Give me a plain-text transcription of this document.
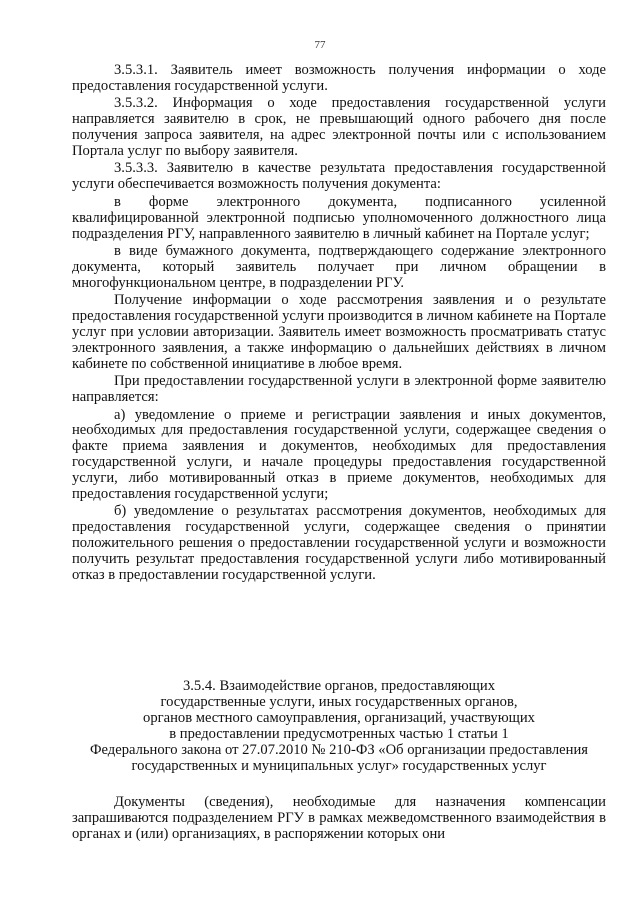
77

3.5.3.1. Заявитель имеет возможность получения информации о ходе предоставления государственной услуги.

3.5.3.2. Информация о ходе предоставления государственной услуги направляется заявителю в срок, не превышающий одного рабочего дня после получения запроса заявителя, на адрес электронной почты или с использованием Портала услуг по выбору заявителя.

3.5.3.3. Заявителю в качестве результата предоставления государственной услуги обеспечивается возможность получения документа:

в форме электронного документа, подписанного усиленной квалифицированной электронной подписью уполномоченного должностного лица подразделения РГУ, направленного заявителю в личный кабинет на Портале услуг;

в виде бумажного документа, подтверждающего содержание электронного документа, который заявитель получает при личном обращении в многофункциональном центре, в подразделении РГУ.

Получение информации о ходе рассмотрения заявления и о результате предоставления государственной услуги производится в личном кабинете на Портале услуг при условии авторизации. Заявитель имеет возможность просматривать статус электронного заявления, а также информацию о дальнейших действиях в личном кабинете по собственной инициативе в любое время.

При предоставлении государственной услуги в электронной форме заявителю направляется:

а) уведомление о приеме и регистрации заявления и иных документов, необходимых для предоставления государственной услуги, содержащее сведения о факте приема заявления и документов, необходимых для предоставления государственной услуги, и начале процедуры предоставления государственной услуги, либо мотивированный отказ в приеме документов, необходимых для предоставления государственной услуги;

б) уведомление о результатах рассмотрения документов, необходимых для предоставления государственной услуги, содержащее сведения о принятии положительного решения о предоставлении государственной услуги и возможности получить результат предоставления государственной услуги либо мотивированный отказ в предоставлении государственной услуги.

3.5.4. Взаимодействие органов, предоставляющих
государственные услуги, иных государственных органов,
органов местного самоуправления, организаций, участвующих
в предоставлении предусмотренных частью 1 статьи 1
Федерального закона от 27.07.2010 № 210-ФЗ «Об организации предоставления
государственных и муниципальных услуг» государственных услуг

Документы (сведения), необходимые для назначения компенсации запрашиваются подразделением РГУ в рамках межведомственного взаимодействия в органах и (или) организациях, в распоряжении которых они
